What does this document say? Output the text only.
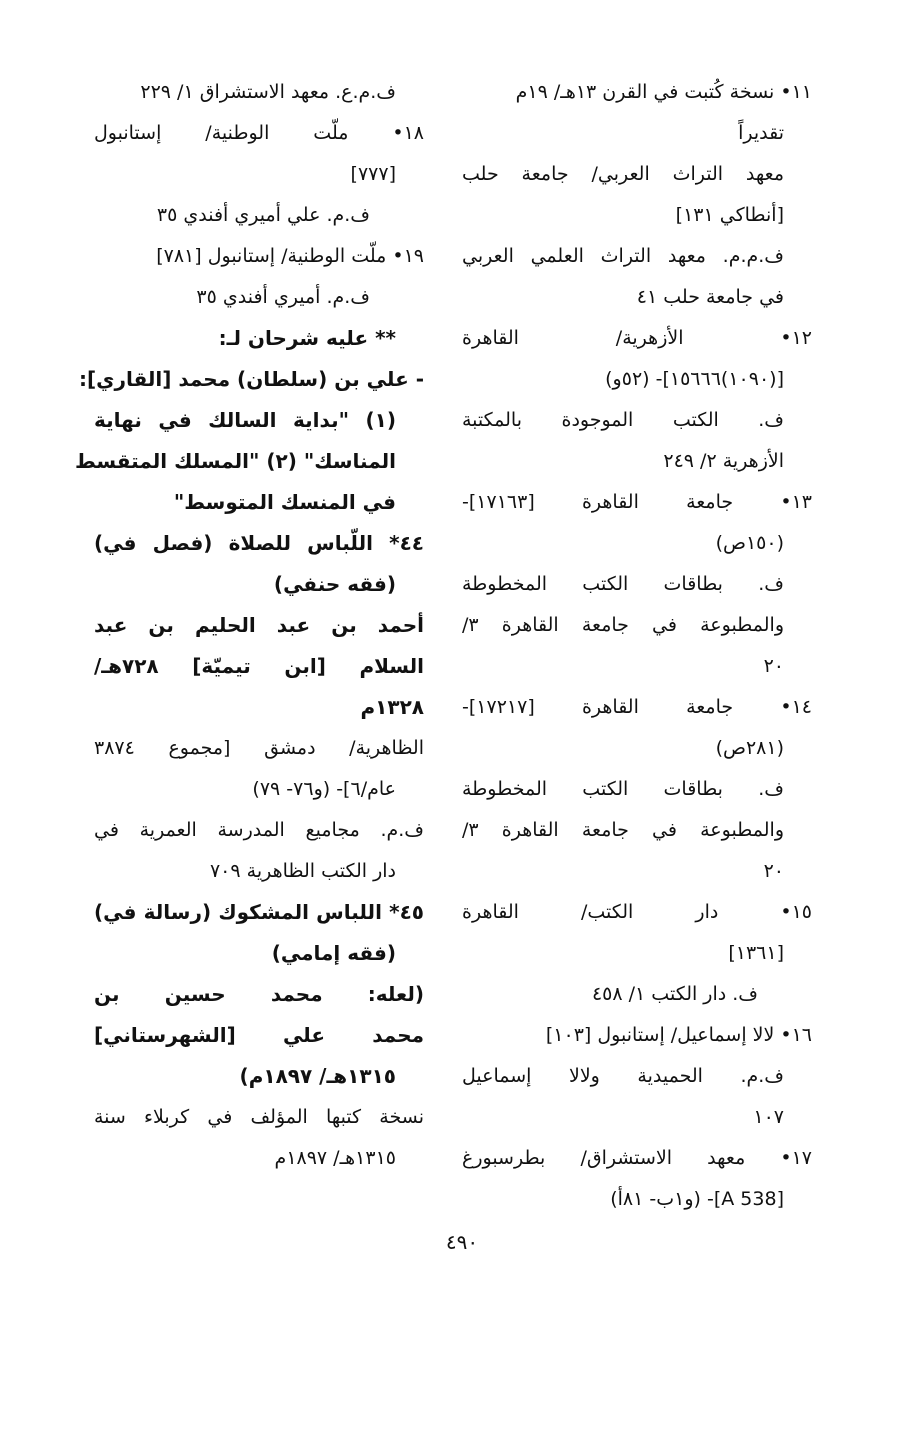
١١• نسخة كُتبت في القرن ١٣هـ/ ١٩م
تقديراً
معهد التراث العربي/ جامعة حلب
[أنطاكي ١٣١]
ف.م.م. معهد التراث العلمي العربي
في جامعة حلب ٤١
١٢• الأزهرية/ القاهرة
[(١٠٩٠)١٥٦٦٦]- (٥٢و)
ف. الكتب الموجودة بالمكتبة
الأزهرية ٢/ ٢٤٩
١٣• جامعة القاهرة [١٧١٦٣]-
(١٥٠ص)
ف. بطاقات الكتب المخطوطة
والمطبوعة في جامعة القاهرة ٣/
٢٠
١٤• جامعة القاهرة [١٧٢١٧]-
(٢٨١ص)
ف. بطاقات الكتب المخطوطة
والمطبوعة في جامعة القاهرة ٣/
٢٠
١٥• دار الكتب/ القاهرة
[١٣٦١]
ف. دار الكتب ١/ ٤٥٨
١٦• لالا إسماعيل/ إستانبول [١٠٣]
ف.م. الحميدية ولالا إسماعيل
١٠٧
١٧• معهد الاستشراق/ بطرسبورغ
[A 538]- (و١ب- ٨١أ)
ف.م.ع. معهد الاستشراق ١/ ٢٢٩
١٨• ملّت الوطنية/ إستانبول
[٧٧٧]
ف.م. علي أميري أفندي ٣٥
١٩• ملّت الوطنية/ إستانبول [٧٨١]
ف.م. أميري أفندي ٣٥
** عليه شرحان لـ:
- علي بن (سلطان) محمد [القاري]:
(١) "بداية السالك في نهاية
المناسك" (٢) "المسلك المتقسط
في المنسك المتوسط"
٤٤* اللّباس للصلاة (فصل في)
(فقه حنفي)
أحمد بن عبد الحليم بن عبد
السلام [ابن تيميّة] ٧٢٨هـ/
١٣٢٨م
الظاهرية/ دمشق [مجموع ٣٨٧٤
عام/٦]- (و٧٦- ٧٩)
ف.م. مجاميع المدرسة العمرية في
دار الكتب الظاهرية ٧٠٩
٤٥* اللباس المشكوك (رسالة في)
(فقه إمامي)
(لعله: محمد حسين بن
محمد علي [الشهرستاني]
١٣١٥هـ/ ١٨٩٧م)
نسخة كتبها المؤلف في كربلاء سنة
١٣١٥هـ/ ١٨٩٧م
٤٩٠
